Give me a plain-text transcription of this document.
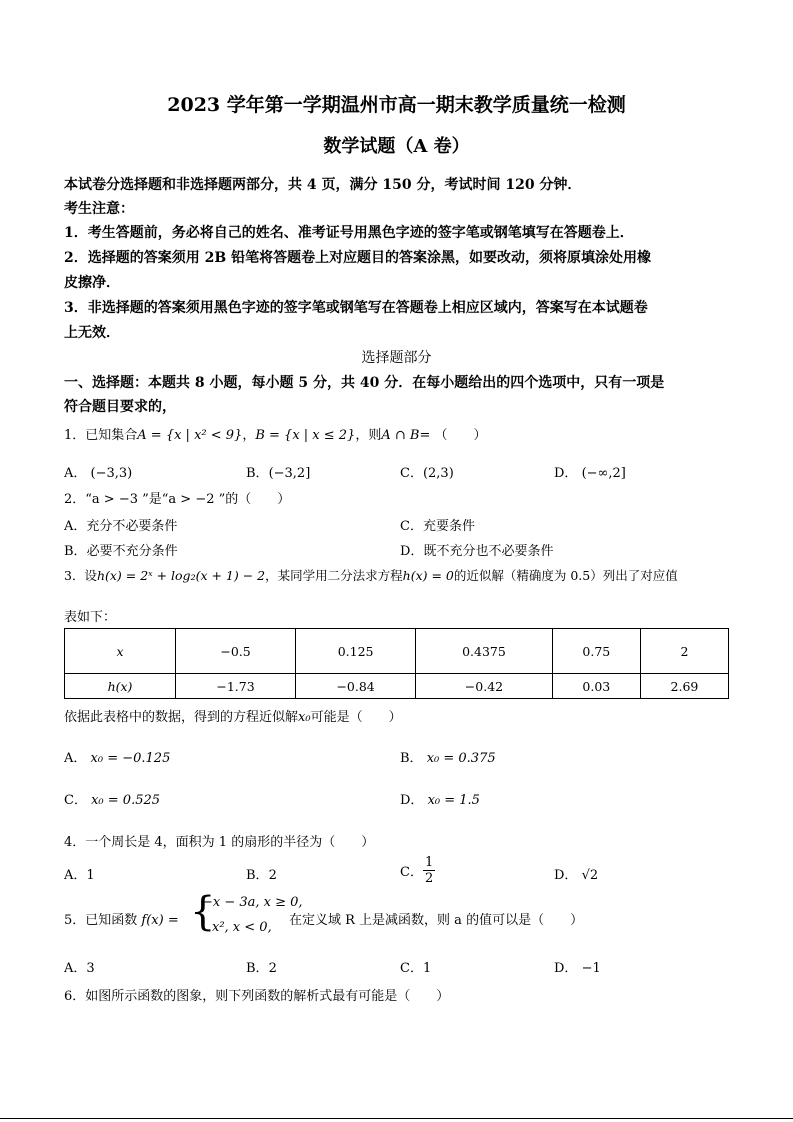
2023 学年第一学期温州市高一期末教学质量统一检测
数学试题（A 卷）
本试卷分选择题和非选择题两部分，共 4 页，满分 150 分，考试时间 120 分钟．
考生注意：
1．考生答题前，务必将自己的姓名、准考证号用黑色字迹的签字笔或钢笔填写在答题卷上．
2．选择题的答案须用 2B 铅笔将答题卷上对应题目的答案涂黑，如要改动，须将原填涂处用橡
皮擦净．
3．非选择题的答案须用黑色字迹的签字笔或钢笔写在答题卷上相应区域内，答案写在本试题卷
上无效．
选择题部分
一、选择题：本题共 8 小题，每小题 5 分，共 40 分．在每小题给出的四个选项中，只有一项是
符合题目要求的，
1．已知集合A = {x | x² < 9}，B = {x | x ≤ 2}，则A ∩ B= （　　）
A． (−3,3)	B．(−3,2]	C．(2,3)	D． (−∞,2]
2．“a > −3 ”是“a > −2 ”的（　　）
A．充分不必要条件	C．充要条件
B．必要不充分条件	D．既不充分也不必要条件
3．设h(x) = 2ˣ + log₂(x + 1) − 2，某同学用二分法求方程h(x) = 0的近似解（精确度为 0.5）列出了对应值
表如下：
x	−0.5	0.125	0.4375	0.75	2
h(x)	−1.73	−0.84	−0.42	0.03	2.69
依据此表格中的数据，得到的方程近似解x₀可能是（　　）
A． x₀ = −0.125	B． x₀ = 0.375
C． x₀ = 0.525	D． x₀ = 1.5
4．一个周长是 4，面积为 1 的扇形的半径为（　　）
A．1	B．2	C． $\frac{1}{2}$	D． √2
5．已知函数 f(x) = {
−x − 3a, x ≥ 0,
x², x < 0, 在定义域 R 上是减函数，则 a 的值可以是（　　）
A．3	B．2	C．1	D． −1
6．如图所示函数的图象，则下列函数的解析式最有可能是（　　）
